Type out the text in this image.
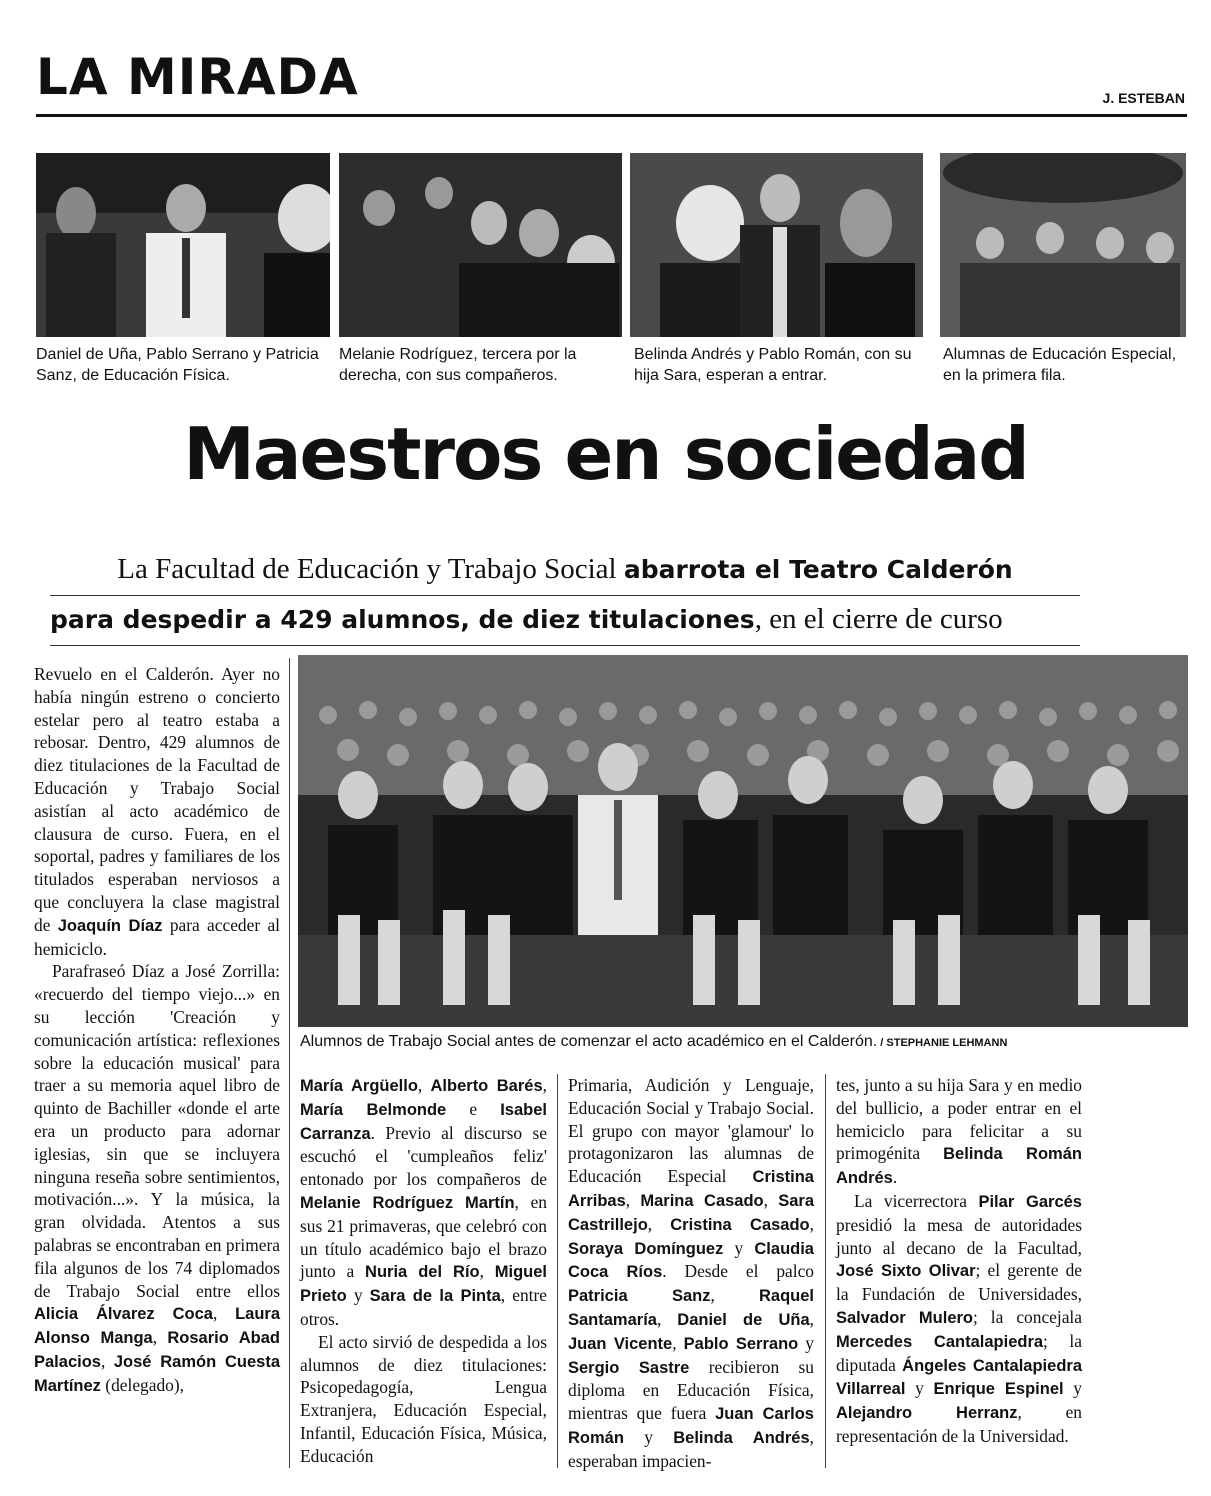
LA MIRADA	J. ESTEBAN
Daniel de Uña, Pablo Serrano y Patricia Sanz, de Educación Física.
Melanie Rodríguez, tercera por la derecha, con sus compañeros.
Belinda Andrés y Pablo Román, con su hija Sara, esperan a entrar.
Alumnas de Educación Especial, en la primera fila.
Maestros en sociedad
La Facultad de Educación y Trabajo Social abarrota el Teatro Calderón
para despedir a 429 alumnos, de diez titulaciones, en el cierre de curso
Alumnos de Trabajo Social antes de comenzar el acto académico en el Calderón. / STEPHANIE LEHMANN

Revuelo en el Calderón. Ayer no había ningún estreno o concierto estelar pero al teatro estaba a rebosar. Dentro, 429 alumnos de diez titulaciones de la Facultad de Educación y Trabajo Social asistían al acto académico de clausura de curso. Fuera, en el soportal, padres y familiares de los titulados esperaban nerviosos a que concluyera la clase magistral de Joaquín Díaz para acceder al hemiciclo.

Parafraseó Díaz a José Zorrilla: «recuerdo del tiempo viejo...» en su lección 'Creación y comunicación artística: reflexiones sobre la educación musical' para traer a su memoria aquel libro de quinto de Bachiller «donde el arte era un producto para adornar iglesias, sin que se incluyera ninguna reseña sobre sentimientos, motivación...». Y la música, la gran olvidada. Atentos a sus palabras se encontraban en primera fila algunos de los 74 diplomados de Trabajo Social entre ellos Alicia Álvarez Coca, Laura Alonso Manga, Rosario Abad Palacios, José Ramón Cuesta Martínez (delegado),

María Argüello, Alberto Barés, María Belmonde e Isabel Carranza. Previo al discurso se escuchó el 'cumpleaños feliz' entonado por los compañeros de Melanie Rodríguez Martín, en sus 21 primaveras, que celebró con un título académico bajo el brazo junto a Nuria del Río, Miguel Prieto y Sara de la Pinta, entre otros.

El acto sirvió de despedida a los alumnos de diez titulaciones: Psicopedagogía, Lengua Extranjera, Educación Especial, Infantil, Educación Física, Música, Educación

Primaria, Audición y Lenguaje, Educación Social y Trabajo Social. El grupo con mayor 'glamour' lo protagonizaron las alumnas de Educación Especial Cristina Arribas, Marina Casado, Sara Castrillejo, Cristina Casado, Soraya Domínguez y Claudia Coca Ríos. Desde el palco Patricia Sanz, Raquel Santamaría, Daniel de Uña, Juan Vicente, Pablo Serrano y Sergio Sastre recibieron su diploma en Educación Física, mientras que fuera Juan Carlos Román y Belinda Andrés, esperaban impacien-

tes, junto a su hija Sara y en medio del bullicio, a poder entrar en el hemiciclo para felicitar a su primogénita Belinda Román Andrés.

La vicerrectora Pilar Garcés presidió la mesa de autoridades junto al decano de la Facultad, José Sixto Olivar; el gerente de la Fundación de Universidades, Salvador Mulero; la concejala Mercedes Cantalapiedra; la diputada Ángeles Cantalapiedra Villarreal y Enrique Espinel y Alejandro Herranz, en representación de la Universidad.
